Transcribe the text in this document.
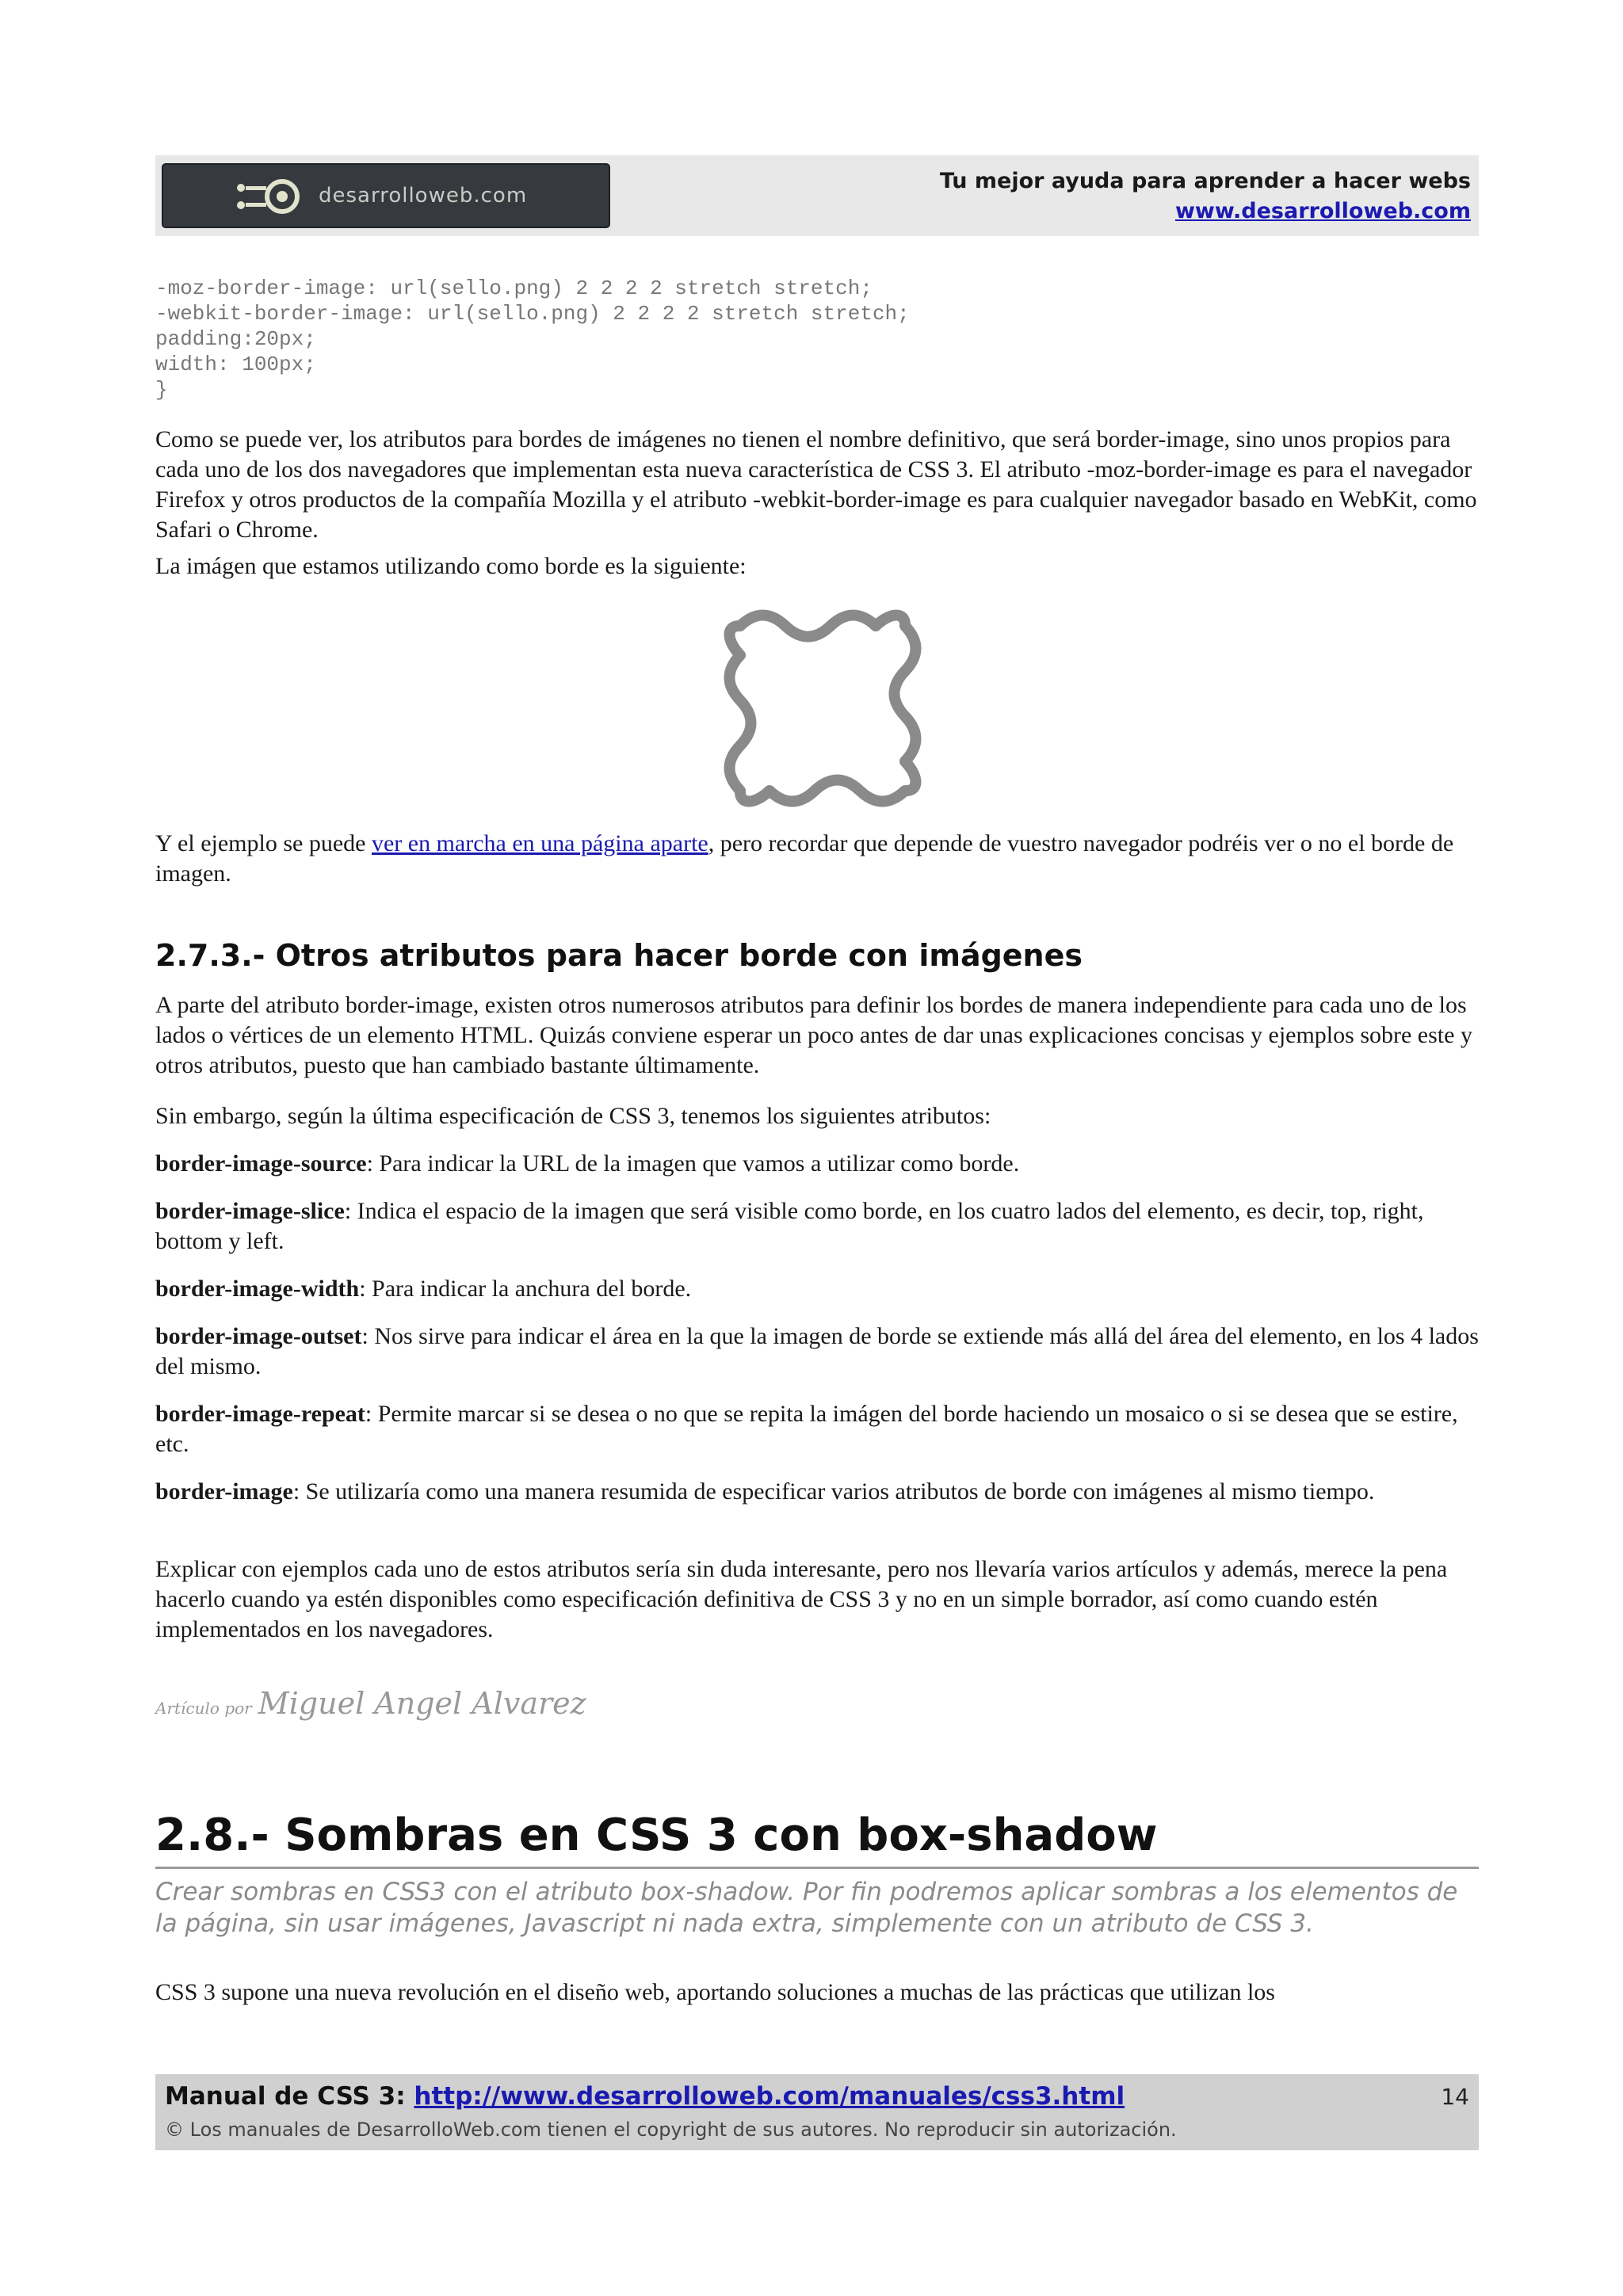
desarrolloweb.com
Tu mejor ayuda para aprender a hacer webs
www.desarrolloweb.com
-moz-border-image: url(sello.png) 2 2 2 2 stretch stretch;
-webkit-border-image: url(sello.png) 2 2 2 2 stretch stretch;
padding:20px;
width: 100px;
}

Como se puede ver, los atributos para bordes de imágenes no tienen el nombre definitivo, que será border-image, sino unos propios para cada uno de los dos navegadores que implementan esta nueva característica de CSS 3. El atributo -moz-border-image es para el navegador Firefox y otros productos de la compañía Mozilla y el atributo -webkit-border-image es para cualquier navegador basado en WebKit, como Safari o Chrome.

La imágen que estamos utilizando como borde es la siguiente:

Y el ejemplo se puede ver en marcha en una página aparte, pero recordar que depende de vuestro navegador podréis ver o no el borde de imagen.

2.7.3.- Otros atributos para hacer borde con imágenes

A parte del atributo border-image, existen otros numerosos atributos para definir los bordes de manera independiente para cada uno de los lados o vértices de un elemento HTML. Quizás conviene esperar un poco antes de dar unas explicaciones concisas y ejemplos sobre este y otros atributos, puesto que han cambiado bastante últimamente.

Sin embargo, según la última especificación de CSS 3, tenemos los siguientes atributos:

border-image-source: Para indicar la URL de la imagen que vamos a utilizar como borde.

border-image-slice: Indica el espacio de la imagen que será visible como borde, en los cuatro lados del elemento, es decir, top, right, bottom y left.

border-image-width: Para indicar la anchura del borde.

border-image-outset: Nos sirve para indicar el área en la que la imagen de borde se extiende más allá del área del elemento, en los 4 lados del mismo.

border-image-repeat: Permite marcar si se desea o no que se repita la imágen del borde haciendo un mosaico o si se desea que se estire, etc.

border-image: Se utilizaría como una manera resumida de especificar varios atributos de borde con imágenes al mismo tiempo.

Explicar con ejemplos cada uno de estos atributos sería sin duda interesante, pero nos llevaría varios artículos y además, merece la pena hacerlo cuando ya estén disponibles como especificación definitiva de CSS 3 y no en un simple borrador, así como cuando estén implementados en los navegadores.

Artículo por Miguel Angel Alvarez
2.8.- Sombras en CSS 3 con box-shadow

Crear sombras en CSS3 con el atributo box-shadow. Por fin podremos aplicar sombras a los elementos de la página, sin usar imágenes, Javascript ni nada extra, simplemente con un atributo de CSS 3.

CSS 3 supone una nueva revolución en el diseño web, aportando soluciones a muchas de las prácticas que utilizan los

Manual de CSS 3: http://www.desarrolloweb.com/manuales/css3.html
© Los manuales de DesarrolloWeb.com tienen el copyright de sus autores. No reproducir sin autorización.
14
